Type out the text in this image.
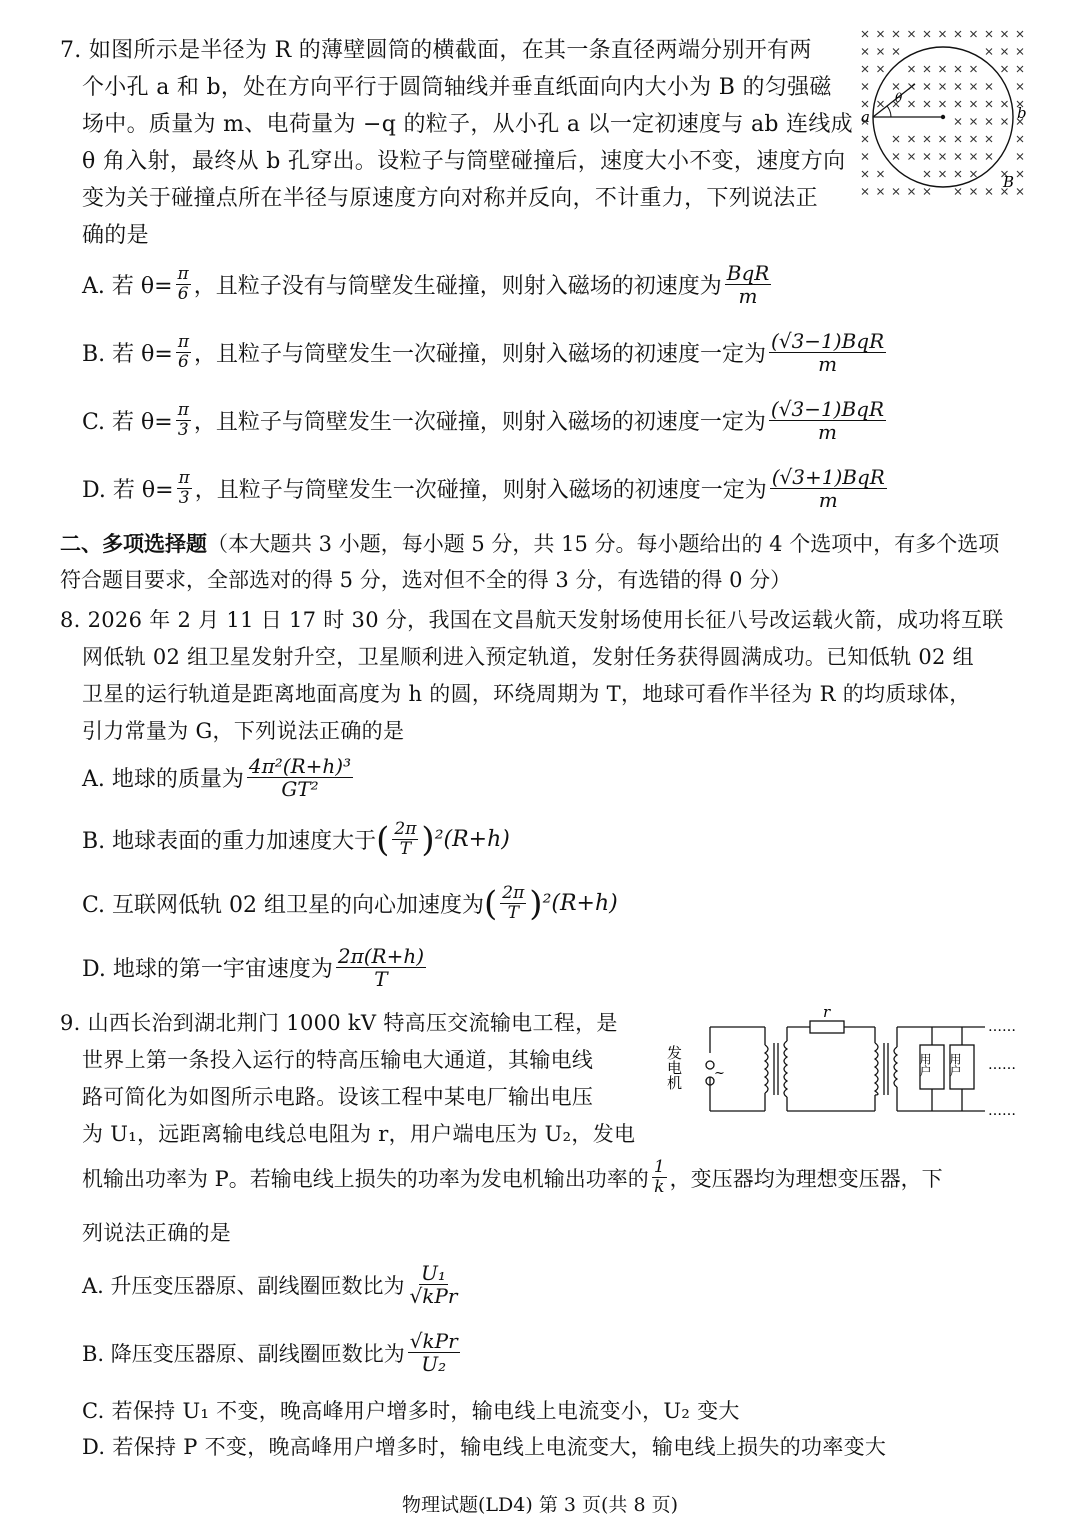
7. 如图所示是半径为 R 的薄壁圆筒的横截面，在其一条直径两端分别开有两
个小孔 a 和 b，处在方向平行于圆筒轴线并垂直纸面向内大小为 B 的匀强磁
场中。质量为 m、电荷量为 −q 的粒子，从小孔 a 以一定初速度与 ab 连线成
θ 角入射，最终从 b 孔穿出。设粒子与筒壁碰撞后，速度大小不变，速度方向
变为关于碰撞点所在半径与原速度方向对称并反向，不计重力，下列说法正
确的是
a	b
B
θ
A. 若 $\theta= \frac{\pi}{6}$ ，且粒子没有与筒壁发生碰撞，则射入磁场的初速度为 $\frac{\text{BqR}}{m}$
B. 若 $\theta= \frac{\pi}{6}$ ，且粒子与筒壁发生一次碰撞，则射入磁场的初速度一定为 $\frac{\text{(√3−1)BqR}}{m}$
C. 若 $\theta= \frac{\pi}{3}$ ，且粒子与筒壁发生一次碰撞，则射入磁场的初速度一定为 $\frac{\text{(√3−1)BqR}}{m}$
D. 若 $\theta= \frac{\pi}{3}$ ，且粒子与筒壁发生一次碰撞，则射入磁场的初速度一定为 $\frac{\text{(√3+1)BqR}}{m}$
二、多项选择题（本大题共 3 小题，每小题 5 分，共 15 分。每小题给出的 4 个选项中，有多个选项
符合题目要求，全部选对的得 5 分，选对但不全的得 3 分，有选错的得 0 分）
8. 2026 年 2 月 11 日 17 时 30 分，我国在文昌航天发射场使用长征八号改运载火箭，成功将互联
网低轨 02 组卫星发射升空，卫星顺利进入预定轨道，发射任务获得圆满成功。已知低轨 02 组
卫星的运行轨道是距离地面高度为 h 的圆，环绕周期为 T，地球可看作半径为 R 的均质球体，
引力常量为 G，下列说法正确的是
A. 地球的质量为 $\frac{\text{4π²(R+h)³}}{\text{GT²}}$
B. 地球表面的重力加速度大于 ( $\frac{2\pi}{T}$ ) ²(R+h)
C. 互联网低轨 02 组卫星的向心加速度为 ( $\frac{2\pi}{T}$ ) ²(R+h)
D. 地球的第一宇宙速度为 $\frac{2\pi(R+h)}{T}$
9. 山西长治到湖北荆门 1000 kV 特高压交流输电工程，是
世界上第一条投入运行的特高压输电大通道，其输电线
路可简化为如图所示电路。设该工程中某电厂输出电压
为 U₁，远距离输电线总电阻为 r，用户端电压为 U₂，发电
发电机 ~
r
用户 用户
……
……
……
机输出功率为 P。若输电线上损失的功率为发电机输出功率的 $\frac{1}{k}$ ，变压器均为理想变压器，下
列说法正确的是
A. 升压变压器原、副线圈匝数比为 $\frac{\text{U₁}}{\text{√kPr}}$
B. 降压变压器原、副线圈匝数比为 $\frac{\text{√kPr}}{\text{U₂}}$
C. 若保持 U₁ 不变，晚高峰用户增多时，输电线上电流变小，U₂ 变大
D. 若保持 P 不变，晚高峰用户增多时，输电线上电流变大，输电线上损失的功率变大
物理试题(LD4) 第 3 页(共 8 页)
